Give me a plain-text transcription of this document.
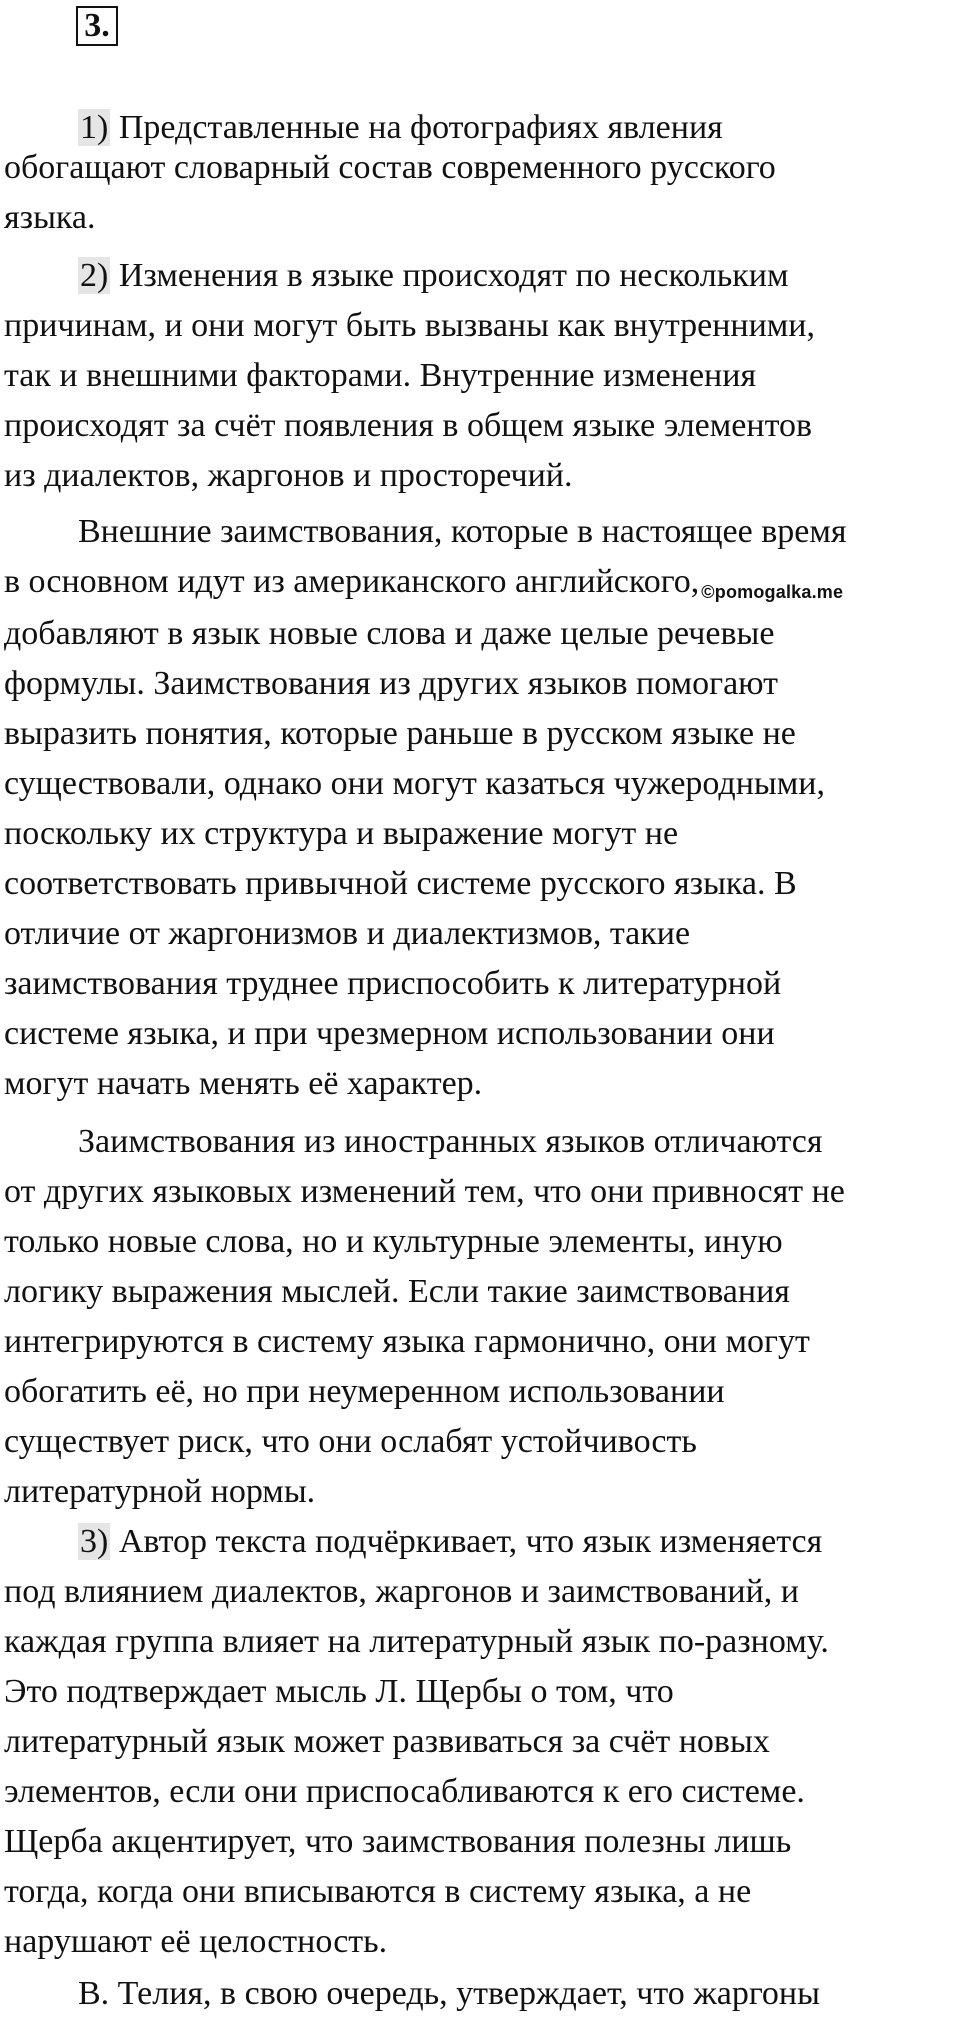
3.
1) Представленные на фотографиях явления
обогащают словарный состав современного русского
языка.
2) Изменения в языке происходят по нескольким
причинам, и они могут быть вызваны как внутренними,
так и внешними факторами. Внутренние изменения
происходят за счёт появления в общем языке элементов
из диалектов, жаргонов и просторечий.
Внешние заимствования, которые в настоящее время
в основном идут из американского английского, ©pomogalka.me
добавляют в язык новые слова и даже целые речевые
формулы. Заимствования из других языков помогают
выразить понятия, которые раньше в русском языке не
существовали, однако они могут казаться чужеродными,
поскольку их структура и выражение могут не
соответствовать привычной системе русского языка. В
отличие от жаргонизмов и диалектизмов, такие
заимствования труднее приспособить к литературной
системе языка, и при чрезмерном использовании они
могут начать менять её характер.
Заимствования из иностранных языков отличаются
от других языковых изменений тем, что они привносят не
только новые слова, но и культурные элементы, иную
логику выражения мыслей. Если такие заимствования
интегрируются в систему языка гармонично, они могут
обогатить её, но при неумеренном использовании
существует риск, что они ослабят устойчивость
литературной нормы.
3) Автор текста подчёркивает, что язык изменяется
под влиянием диалектов, жаргонов и заимствований, и
каждая группа влияет на литературный язык по-разному.
Это подтверждает мысль Л. Щербы о том, что
литературный язык может развиваться за счёт новых
элементов, если они приспосабливаются к его системе.
Щерба акцентирует, что заимствования полезны лишь
тогда, когда они вписываются в систему языка, а не
нарушают её целостность.
В. Телия, в свою очередь, утверждает, что жаргоны
